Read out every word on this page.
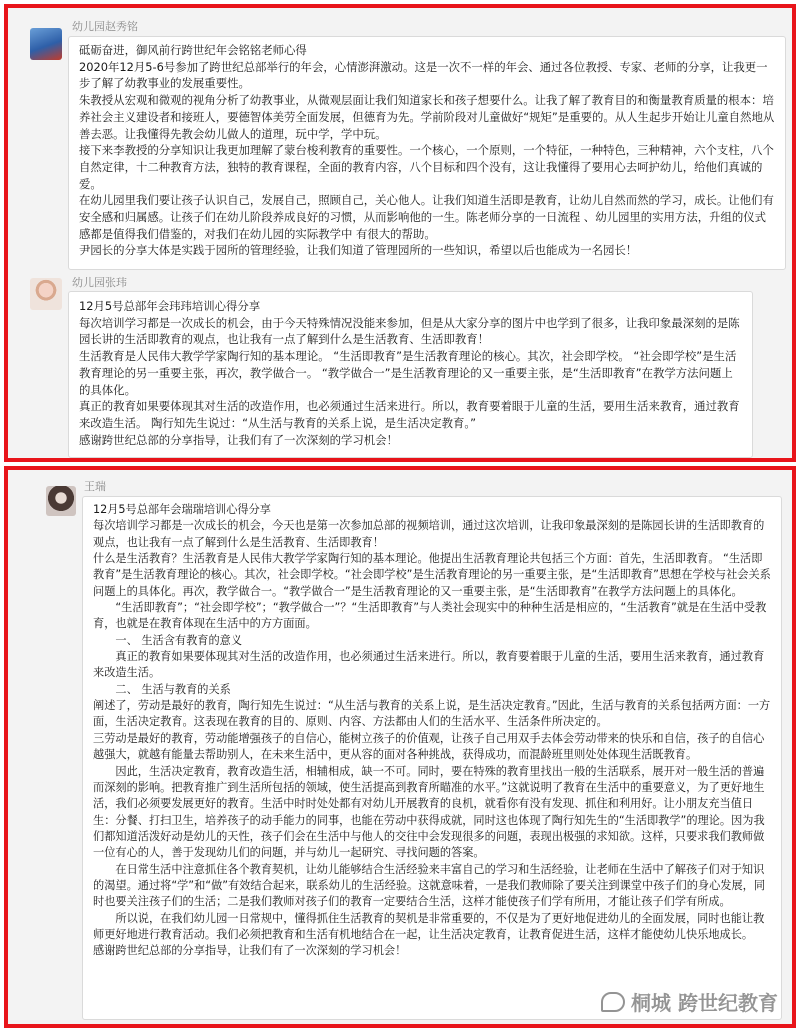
幼儿园赵秀铭

砥砺奋进，御风前行跨世纪年会铭铭老师心得

2020年12月5-6号参加了跨世纪总部举行的年会，心情澎湃激动。这是一次不一样的年会、通过各位教授、专家、老师的分享，让我更一步了解了幼教事业的发展重要性。

朱教授从宏观和微观的视角分析了幼教事业，从微观层面让我们知道家长和孩子想要什么。让我了解了教育目的和衡量教育质量的根本：培养社会主义建设者和接班人，要德智体美劳全面发展，但德育为先。学前阶段对儿童做好“规矩”是重要的。从人生起步开始让儿童自然地从善去恶。让我懂得先教会幼儿做人的道理，玩中学，学中玩。

接下来李教授的分享知识让我更加理解了蒙台梭利教育的重要性。一个核心，一个原则，一个特征，一种特色，三种精神，六个支柱，八个自然定律，十二种教育方法，独特的教育课程，全面的教育内容，八个目标和四个没有，这让我懂得了要用心去呵护幼儿，给他们真诚的爱。

在幼儿园里我们要让孩子认识自己，发展自己，照顾自己，关心他人。让我们知道生活即是教育，让幼儿自然而然的学习，成长。让他们有安全感和归属感。让孩子们在幼儿阶段养成良好的习惯，从而影响他的一生。陈老师分享的一日流程 、幼儿园里的实用方法，升组的仪式感都是值得我们借鉴的，对我们在幼儿园的实际教学中 有很大的帮助。

尹园长的分享大体是实践于园所的管理经验，让我们知道了管理园所的一些知识，希望以后也能成为一名园长！

幼儿园张玮

12月5号总部年会玮玮培训心得分享

每次培训学习都是一次成长的机会，由于今天特殊情况没能来参加，但是从大家分享的图片中也学到了很多，让我印象最深刻的是陈园长讲的生活即教育的观点，也让我有一点了解到什么是生活教育、生活即教育！

生活教育是人民伟大教学学家陶行知的基本理论。 “生活即教育”是生活教育理论的核心。其次，社会即学校。 “社会即学校”是生活教育理论的另一重要主张，再次，教学做合一。 “教学做合一”是生活教育理论的又一重要主张，是“生活即教育”在教学方法问题上的具体化。

真正的教育如果要体现其对生活的改造作用，也必须通过生活来进行。所以，教育要着眼于儿童的生活，要用生活来教育，通过教育来改造生活。 陶行知先生说过：“从生活与教育的关系上说，是生活决定教育。”

感谢跨世纪总部的分享指导，让我们有了一次深刻的学习机会！

王瑞

12月5号总部年会瑞瑞培训心得分享

每次培训学习都是一次成长的机会，今天也是第一次参加总部的视频培训，通过这次培训，让我印象最深刻的是陈园长讲的生活即教育的观点，也让我有一点了解到什么是生活教育、生活即教育！

什么是生活教育？生活教育是人民伟大教学学家陶行知的基本理论。他提出生活教育理论共包括三个方面：首先，生活即教育。 “生活即教育”是生活教育理论的核心。其次，社会即学校。“社会即学校”是生活教育理论的另一重要主张，是“生活即教育”思想在学校与社会关系问题上的具体化。再次，教学做合一。“教学做合一”是生活教育理论的又一重要主张，是“生活即教育”在教学方法问题上的具体化。

“生活即教育”；“社会即学校”；“教学做合一”？“生活即教育”与人类社会现实中的种种生活是相应的，“生活教育”就是在生活中受教育，也就是在教育体现在生活中的方方面面。

一、 生活含有教育的意义

真正的教育如果要体现其对生活的改造作用，也必须通过生活来进行。所以，教育要着眼于儿童的生活，要用生活来教育，通过教育来改造生活。

二、 生活与教育的关系

阐述了，劳动是最好的教育，陶行知先生说过：“从生活与教育的关系上说，是生活决定教育。”因此，生活与教育的关系包括两方面：一方面，生活决定教育。这表现在教育的目的、原则、内容、方法都由人们的生活水平、生活条件所决定的。

三劳动是最好的教育，劳动能增强孩子的自信心，能树立孩子的价值观，让孩子自己用双手去体会劳动带来的快乐和自信，孩子的自信心越强大，就越有能量去帮助别人，在未来生活中，更从容的面对各种挑战，获得成功，而混龄班里则处处体现生活既教育。

因此，生活决定教育，教育改造生活，相辅相成，缺一不可。同时，要在特殊的教育里找出一般的生活联系，展开对一般生活的普遍而深刻的影响。把教育推广到生活所包括的领域，使生活提高到教育所瞄准的水平。”这就说明了教育在生活中的重要意义，为了更好地生活，我们必须要发展更好的教育。生活中时时处处都有对幼儿开展教育的良机，就看你有没有发现、抓住和利用好。让小朋友充当值日生：分餐、打扫卫生，培养孩子的动手能力的同事，也能在劳动中获得成就，同时这也体现了陶行知先生的“生活即教学”的理论。因为我们都知道活泼好动是幼儿的天性，孩子们会在生活中与他人的交往中会发现很多的问题，表现出极强的求知欲。这样，只要求我们教师做一位有心的人，善于发现幼儿们的问题，并与幼儿一起研究、寻找问题的答案。

在日常生活中注意抓住各个教育契机，让幼儿能够结合生活经验来丰富自己的学习和生活经验，让老师在生活中了解孩子们对于知识的渴望。通过将“学”和“做”有效结合起来，联系幼儿的生活经验。这就意味着，一是我们教师除了要关注到课堂中孩子们的身心发展，同时也要关注孩子们的生活；二是我们教师对孩子们的教育一定要结合生活，这样才能使孩子们学有所用，才能让孩子们学有所成。

所以说，在我们幼儿园一日常规中，懂得抓住生活教育的契机是非常重要的，不仅是为了更好地促进幼儿的全面发展，同时也能让教师更好地进行教育活动。我们必须把教育和生活有机地结合在一起，让生活决定教育，让教育促进生活，这样才能使幼儿快乐地成长。

感谢跨世纪总部的分享指导，让我们有了一次深刻的学习机会！

桐城 跨世纪教育
